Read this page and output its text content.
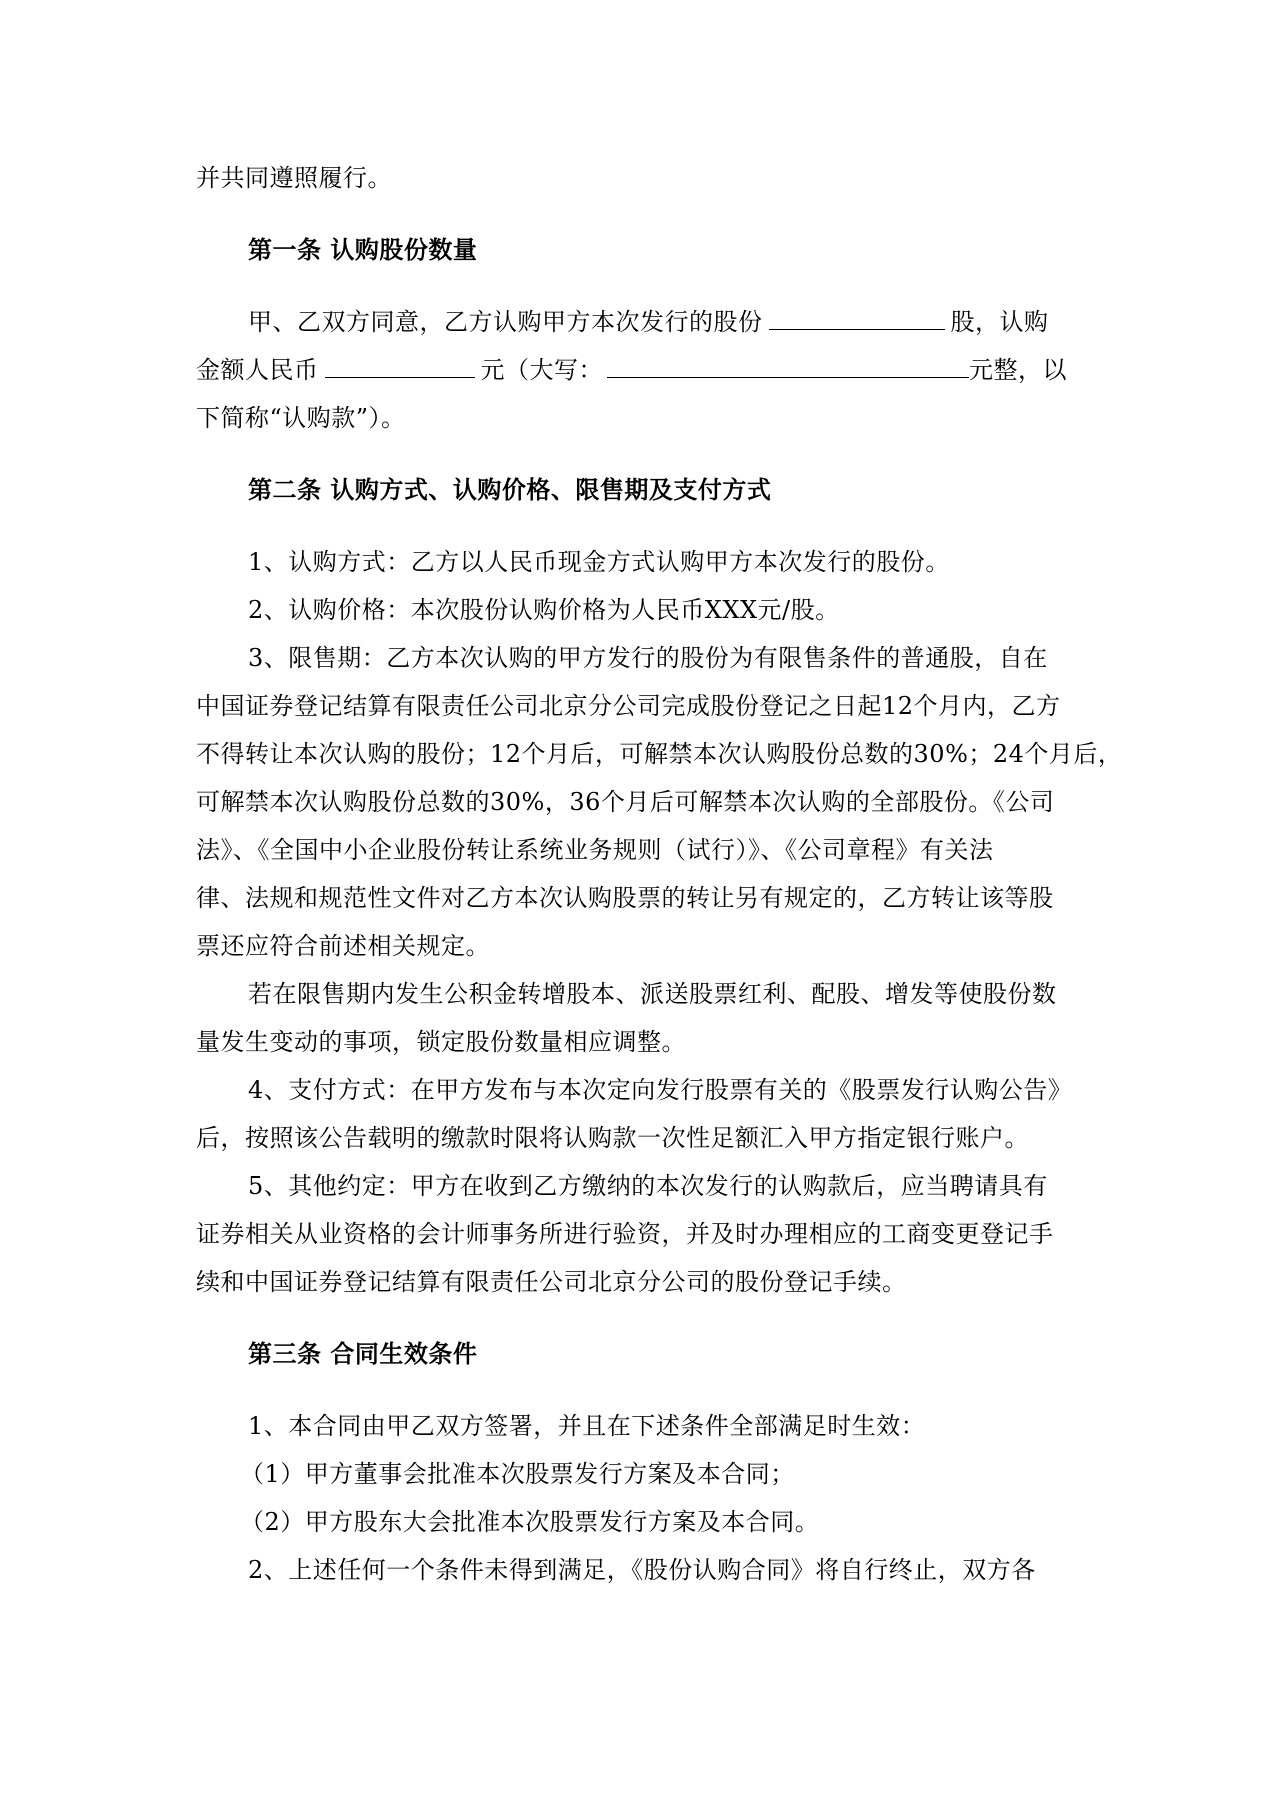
并共同遵照履行。
第一条 认购股份数量
甲、乙双方同意，乙方认购甲方本次发行的股份	股，认购
金额人民币	元（大写：	元整，以
下简称“认购款”）。
第二条 认购方式、认购价格、限售期及支付方式
1、认购方式：乙方以人民币现金方式认购甲方本次发行的股份。
2、认购价格：本次股份认购价格为人民币XXX元/股。
3、限售期：乙方本次认购的甲方发行的股份为有限售条件的普通股，自在
中国证券登记结算有限责任公司北京分公司完成股份登记之日起12个月内，乙方
不得转让本次认购的股份；12个月后，可解禁本次认购股份总数的30%；24个月后，
可解禁本次认购股份总数的30%，36个月后可解禁本次认购的全部股份。《公司
法》、《全国中小企业股份转让系统业务规则（试行）》、《公司章程》有关法
律、法规和规范性文件对乙方本次认购股票的转让另有规定的，乙方转让该等股
票还应符合前述相关规定。
若在限售期内发生公积金转增股本、派送股票红利、配股、增发等使股份数
量发生变动的事项，锁定股份数量相应调整。
4、支付方式：在甲方发布与本次定向发行股票有关的《股票发行认购公告》
后，按照该公告载明的缴款时限将认购款一次性足额汇入甲方指定银行账户。
5、其他约定：甲方在收到乙方缴纳的本次发行的认购款后，应当聘请具有
证券相关从业资格的会计师事务所进行验资，并及时办理相应的工商变更登记手
续和中国证券登记结算有限责任公司北京分公司的股份登记手续。
第三条 合同生效条件
1、本合同由甲乙双方签署，并且在下述条件全部满足时生效：
（1）甲方董事会批准本次股票发行方案及本合同；
（2）甲方股东大会批准本次股票发行方案及本合同。
2、上述任何一个条件未得到满足，《股份认购合同》将自行终止，双方各
